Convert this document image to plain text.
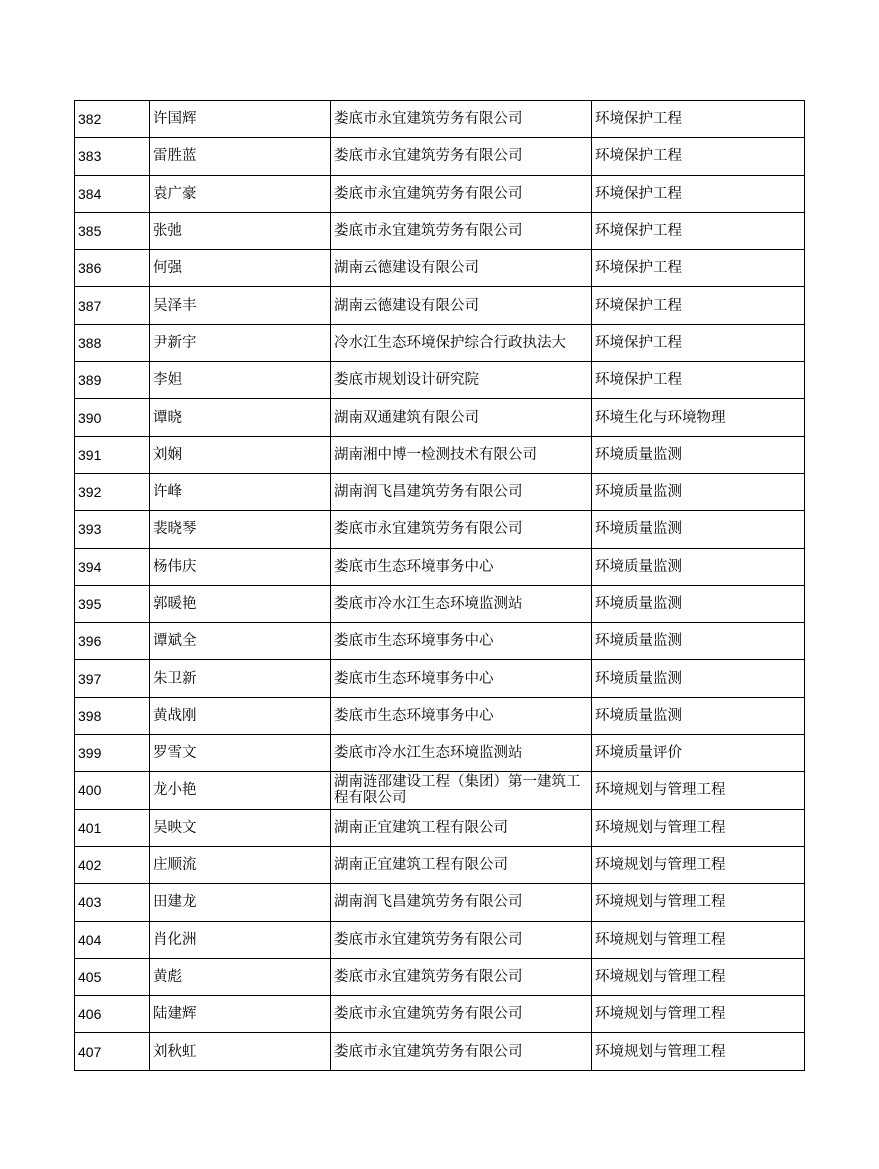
382	许国辉	娄底市永宜建筑劳务有限公司	环境保护工程
383	雷胜蓝	娄底市永宜建筑劳务有限公司	环境保护工程
384	袁广豪	娄底市永宜建筑劳务有限公司	环境保护工程
385	张弛	娄底市永宜建筑劳务有限公司	环境保护工程
386	何强	湖南云德建设有限公司	环境保护工程
387	吴泽丰	湖南云德建设有限公司	环境保护工程
388	尹新宇	冷水江生态环境保护综合行政执法大	环境保护工程
389	李妲	娄底市规划设计研究院	环境保护工程
390	谭晓	湖南双通建筑有限公司	环境生化与环境物理
391	刘娴	湖南湘中博一检测技术有限公司	环境质量监测
392	许峰	湖南润飞昌建筑劳务有限公司	环境质量监测
393	裴晓琴	娄底市永宜建筑劳务有限公司	环境质量监测
394	杨伟庆	娄底市生态环境事务中心	环境质量监测
395	郭暖艳	娄底市冷水江生态环境监测站	环境质量监测
396	谭斌全	娄底市生态环境事务中心	环境质量监测
397	朱卫新	娄底市生态环境事务中心	环境质量监测
398	黄战刚	娄底市生态环境事务中心	环境质量监测
399	罗雪文	娄底市冷水江生态环境监测站	环境质量评价
400	龙小艳	湖南涟邵建设工程（集团）第一建筑工程有限公司	环境规划与管理工程
401	吴映文	湖南正宜建筑工程有限公司	环境规划与管理工程
402	庄顺流	湖南正宜建筑工程有限公司	环境规划与管理工程
403	田建龙	湖南润飞昌建筑劳务有限公司	环境规划与管理工程
404	肖化洲	娄底市永宜建筑劳务有限公司	环境规划与管理工程
405	黄彪	娄底市永宜建筑劳务有限公司	环境规划与管理工程
406	陆建辉	娄底市永宜建筑劳务有限公司	环境规划与管理工程
407	刘秋虹	娄底市永宜建筑劳务有限公司	环境规划与管理工程
